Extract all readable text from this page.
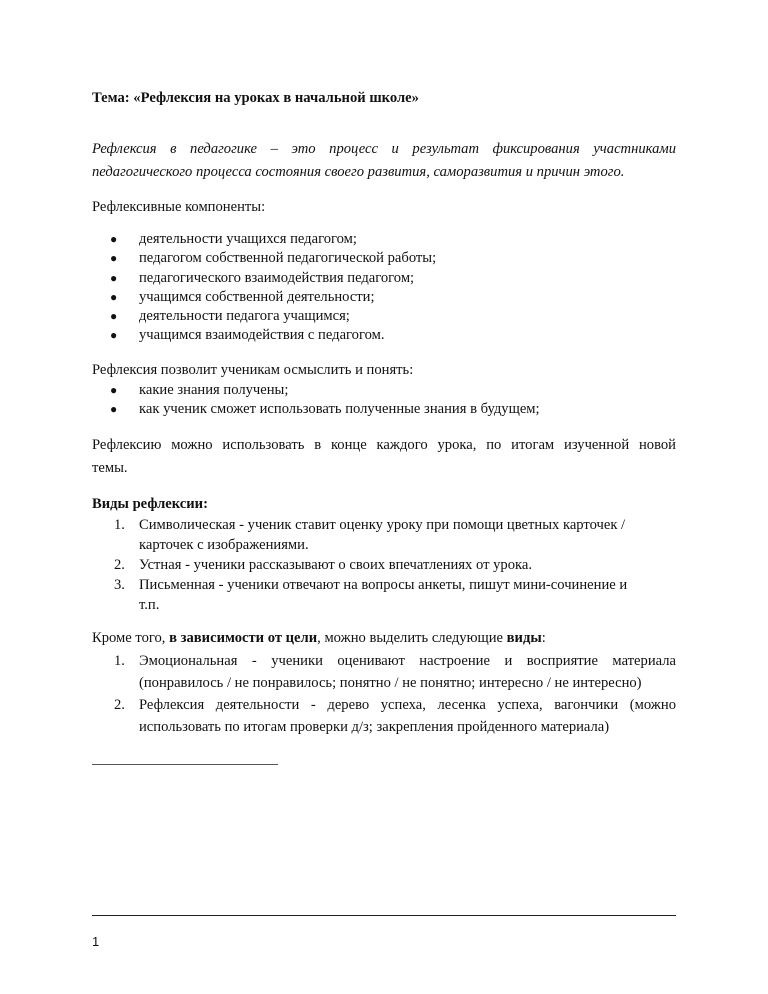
Тема: «Рефлексия на уроках в начальной школе»
Рефлексия в педагогике – это процесс и результат фиксирования участниками
педагогического процесса состояния своего развития, саморазвития и причин этого.
Рефлексивные компоненты:
● деятельности учащихся педагогом;
● педагогом собственной педагогической работы;
● педагогического взаимодействия педагогом;
● учащимся собственной деятельности;
● деятельности педагога учащимся;
● учащимся взаимодействия с педагогом.
Рефлексия позволит ученикам осмыслить и понять:
● какие знания получены;
● как ученик сможет использовать полученные знания в будущем;
Рефлексию можно использовать в конце каждого урока, по итогам изученной новой
темы.
Виды рефлексии:
1. Символическая - ученик ставит оценку уроку при помощи цветных карточек /
карточек с изображениями.
2. Устная - ученики рассказывают о своих впечатлениях от урока.
3. Письменная - ученики отвечают на вопросы анкеты, пишут мини-сочинение и
т.п.
Кроме того, в зависимости от цели, можно выделить следующие виды:
1. Эмоциональная - ученики оценивают настроение и восприятие материала
(понравилось / не понравилось; понятно / не понятно; интересно / не интересно)
2. Рефлексия деятельности - дерево успеха, лесенка успеха, вагончики (можно
использовать по итогам проверки д/з; закрепления пройденного материала)
1
